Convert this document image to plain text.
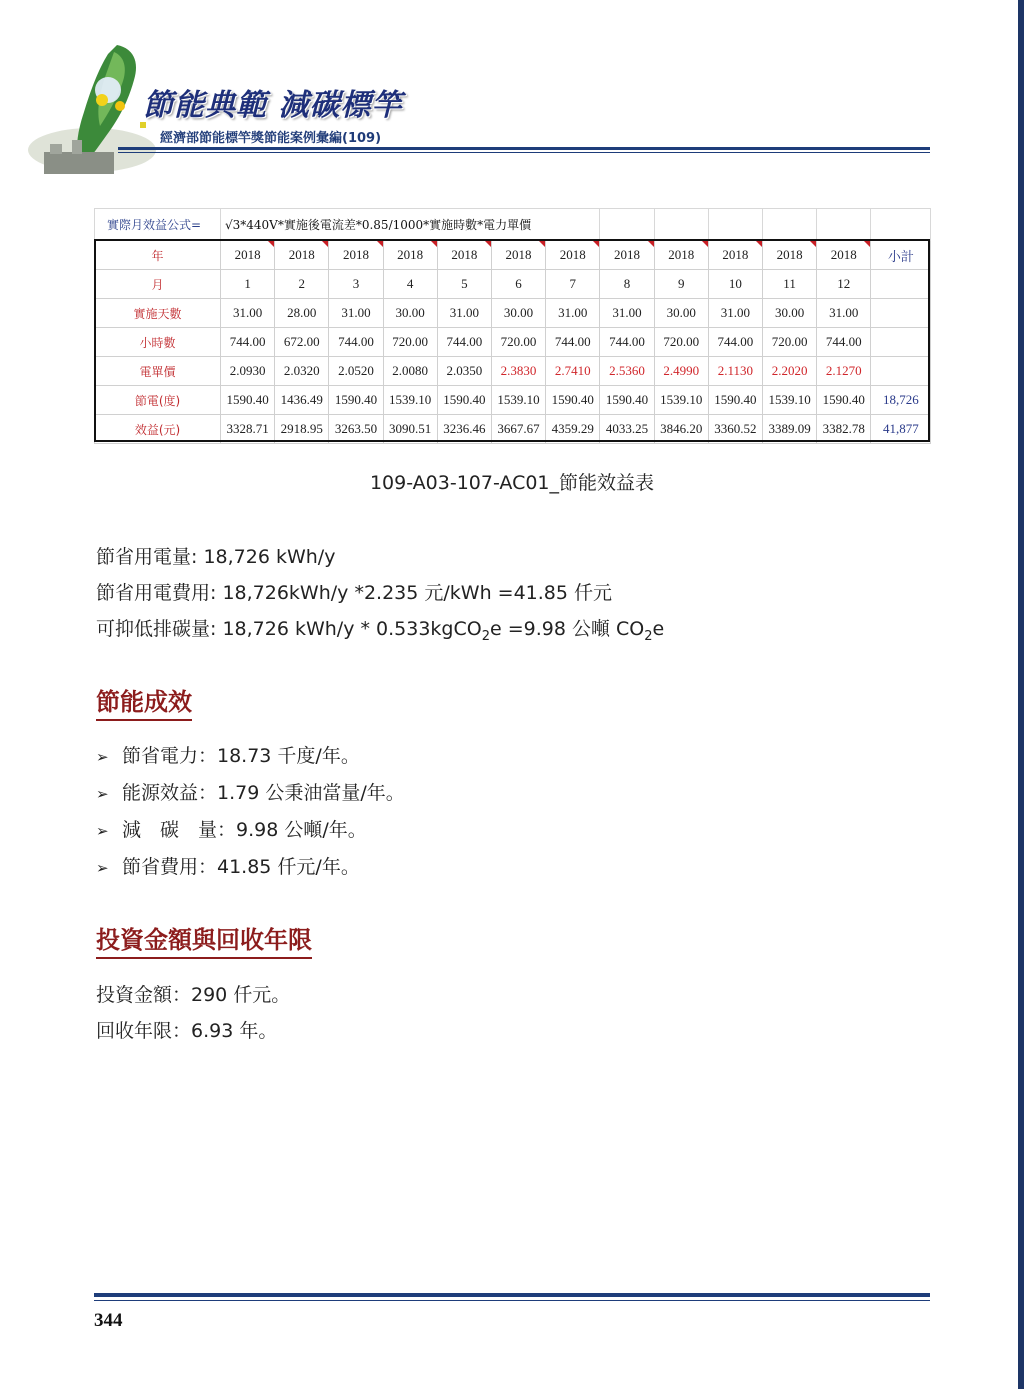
節能典範 減碳標竿
經濟部節能標竿獎節能案例彙編(109)
實際月效益公式=	√3*440V*實施後電流差*0.85/1000*實施時數*電力單價												
年	2018	2018	2018	2018	2018	2018	2018	2018	2018	2018	2018	2018	小計
月	1	2	3	4	5	6	7	8	9	10	11	12	
實施天數	31.00	28.00	31.00	30.00	31.00	30.00	31.00	31.00	30.00	31.00	30.00	31.00	
小時數	744.00	672.00	744.00	720.00	744.00	720.00	744.00	744.00	720.00	744.00	720.00	744.00	
電單價	2.0930	2.0320	2.0520	2.0080	2.0350	2.3830	2.7410	2.5360	2.4990	2.1130	2.2020	2.1270	
節電(度)	1590.40	1436.49	1590.40	1539.10	1590.40	1539.10	1590.40	1590.40	1539.10	1590.40	1539.10	1590.40	18,726
效益(元)	3328.71	2918.95	3263.50	3090.51	3236.46	3667.67	4359.29	4033.25	3846.20	3360.52	3389.09	3382.78	41,877
109-A03-107-AC01_節能效益表
節省用電量: 18,726 kWh/y
節省用電費用: 18,726kWh/y *2.235 元/kWh =41.85 仟元
可抑低排碳量: 18,726 kWh/y * 0.533kgCO$_2$e =9.98 公噸 $CO_2e$
節能成效
➢ 節省電力：18.73 千度/年。
➢ 能源效益：1.79 公秉油當量/年。
➢ 減　碳　量：9.98 公噸/年。
➢ 節省費用：41.85 仟元/年。
投資金額與回收年限
投資金額：290 仟元。
回收年限：6.93 年。
344
